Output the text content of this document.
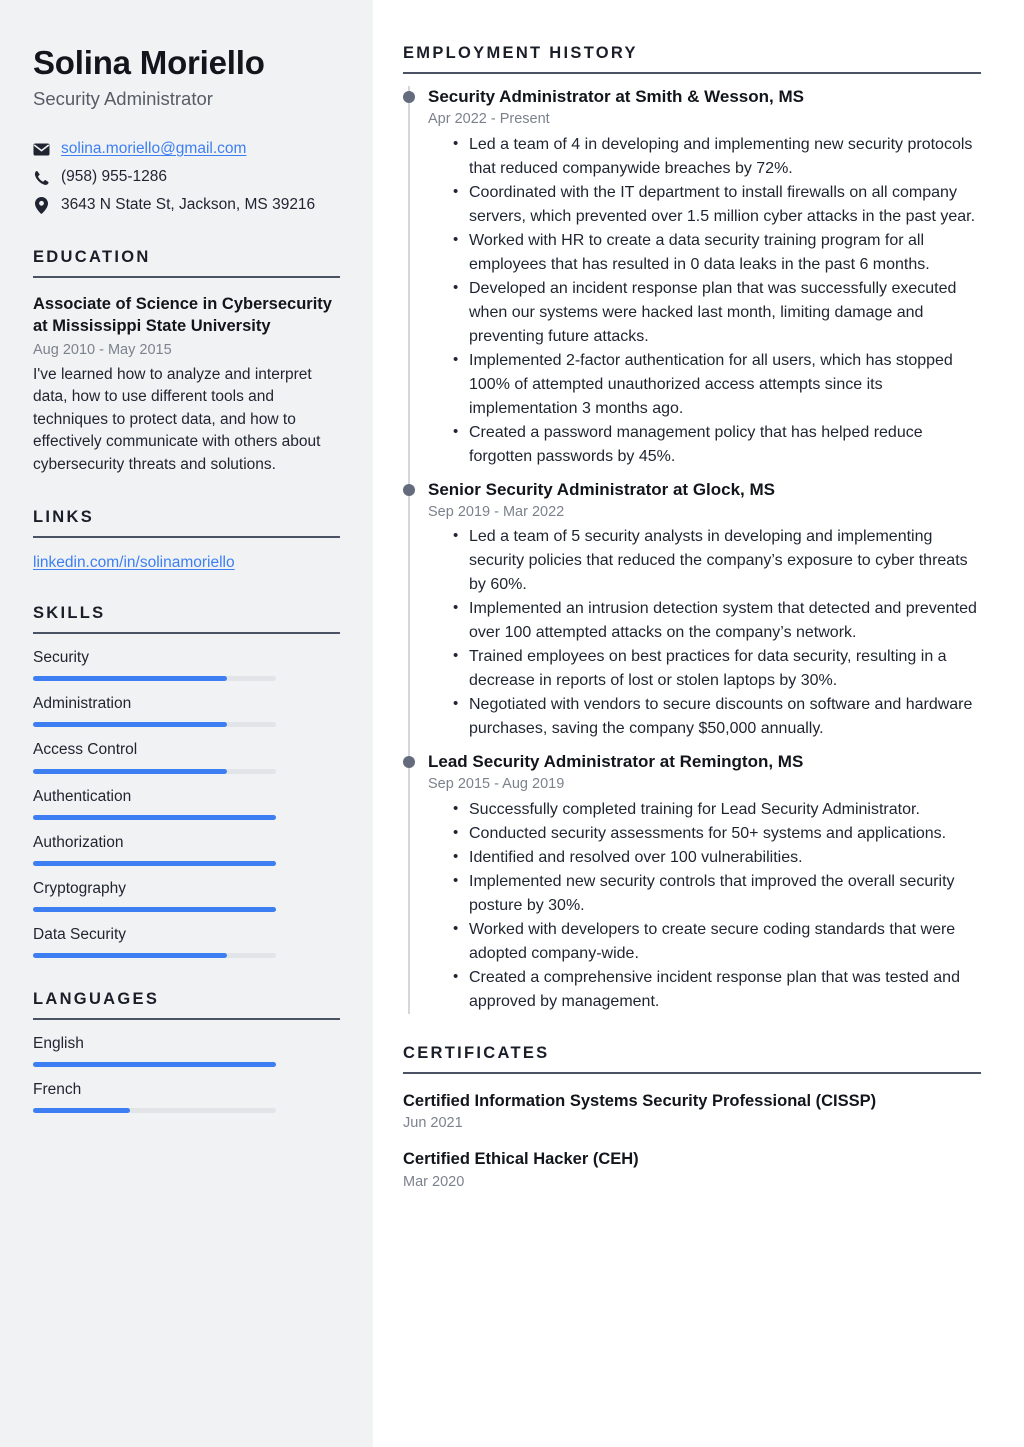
Solina Moriello
Security Administrator
solina.moriello@gmail.com
(958) 955-1286
3643 N State St, Jackson, MS 39216
EDUCATION
Associate of Science in Cybersecurity at Mississippi State University
Aug 2010 - May 2015
I've learned how to analyze and interpret data, how to use different tools and techniques to protect data, and how to effectively communicate with others about cybersecurity threats and solutions.
LINKS
linkedin.com/in/solinamoriello
SKILLS
Security
Administration
Access Control
Authentication
Authorization
Cryptography
Data Security
LANGUAGES
English
French
EMPLOYMENT HISTORY
Security Administrator at Smith & Wesson, MS
Apr 2022 - Present
• Led a team of 4 in developing and implementing new security protocols that reduced companywide breaches by 72%.
• Coordinated with the IT department to install firewalls on all company servers, which prevented over 1.5 million cyber attacks in the past year.
• Worked with HR to create a data security training program for all employees that has resulted in 0 data leaks in the past 6 months.
• Developed an incident response plan that was successfully executed when our systems were hacked last month, limiting damage and preventing future attacks.
• Implemented 2-factor authentication for all users, which has stopped 100% of attempted unauthorized access attempts since its implementation 3 months ago.
• Created a password management policy that has helped reduce forgotten passwords by 45%.
Senior Security Administrator at Glock, MS
Sep 2019 - Mar 2022
• Led a team of 5 security analysts in developing and implementing security policies that reduced the company’s exposure to cyber threats by 60%.
• Implemented an intrusion detection system that detected and prevented over 100 attempted attacks on the company’s network.
• Trained employees on best practices for data security, resulting in a decrease in reports of lost or stolen laptops by 30%.
• Negotiated with vendors to secure discounts on software and hardware purchases, saving the company $50,000 annually.
Lead Security Administrator at Remington, MS
Sep 2015 - Aug 2019
• Successfully completed training for Lead Security Administrator.
• Conducted security assessments for 50+ systems and applications.
• Identified and resolved over 100 vulnerabilities.
• Implemented new security controls that improved the overall security posture by 30%.
• Worked with developers to create secure coding standards that were adopted company-wide.
• Created a comprehensive incident response plan that was tested and approved by management.
CERTIFICATES
Certified Information Systems Security Professional (CISSP)
Jun 2021
Certified Ethical Hacker (CEH)
Mar 2020
